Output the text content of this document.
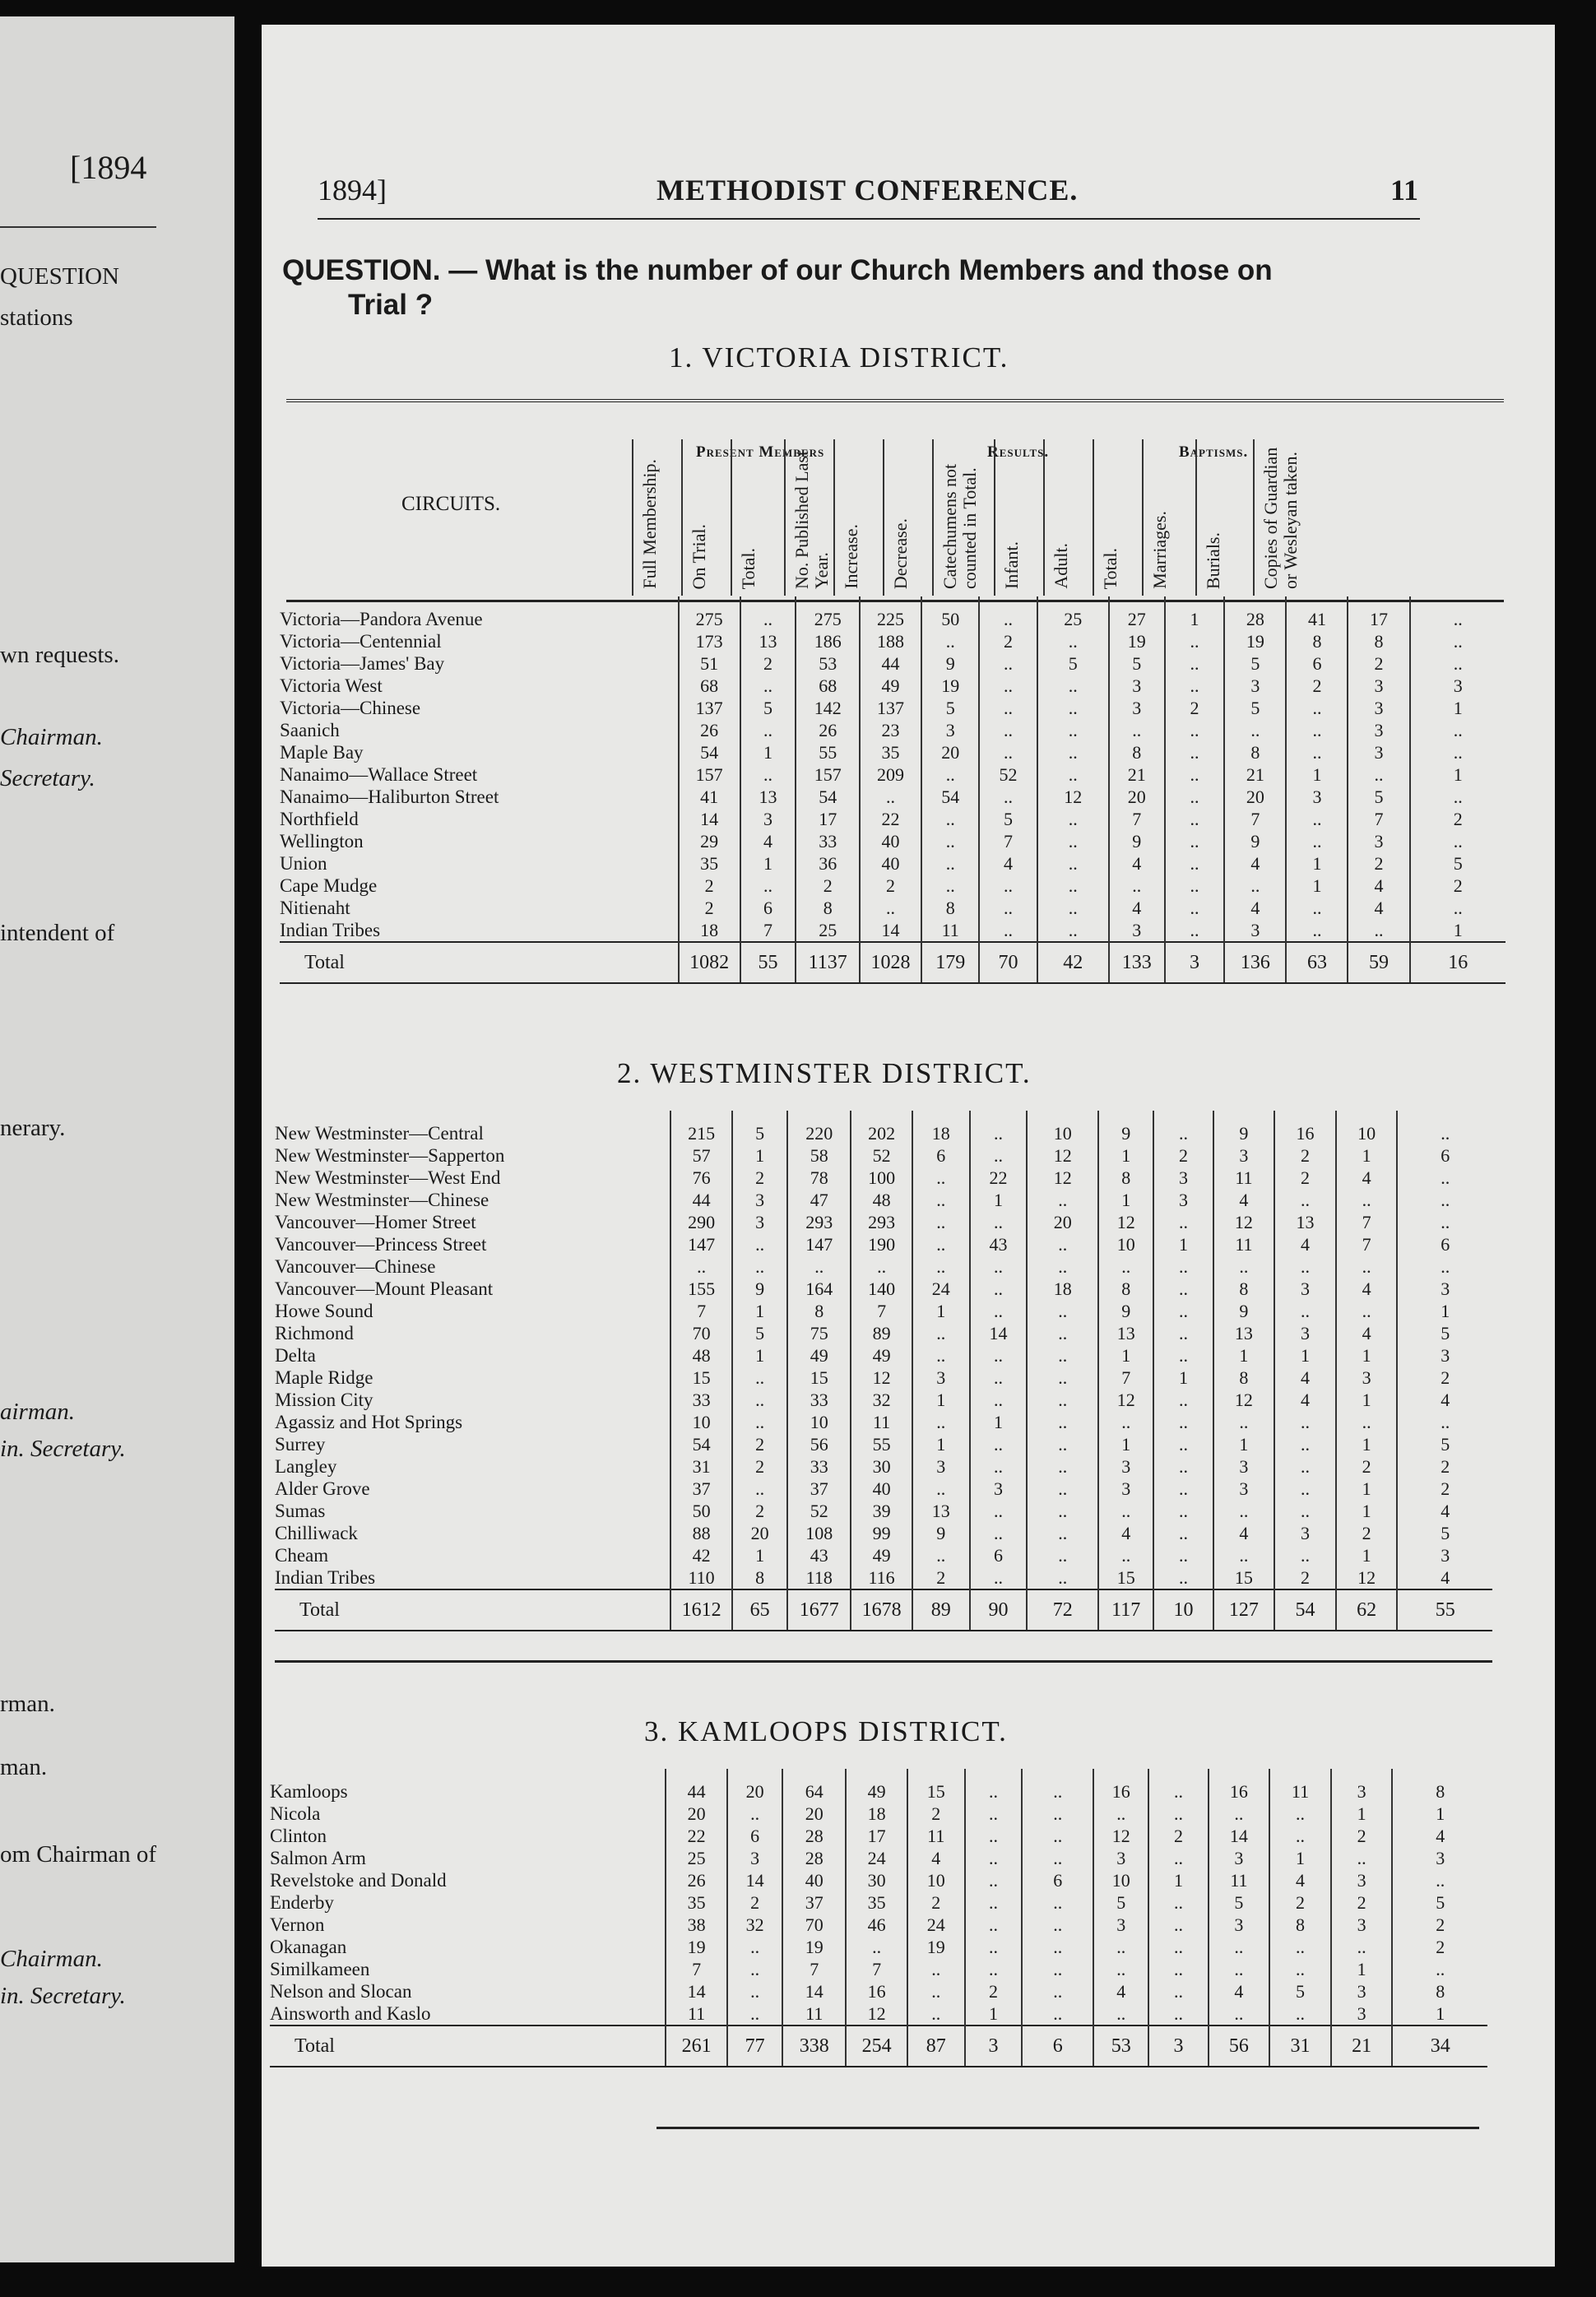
[1894
QUESTION
stations
wn requests.
Chairman.
Secretary.
intendent of
nerary.
airman.
in. Secretary.
rman.
man.
om Chairman of
Chairman.
in. Secretary.
1894]	METHODIST CONFERENCE.	11
QUESTION. — What is the number of our Church Members and those on
Trial ?
1. VICTORIA DISTRICT.
CIRCUITS.
Present Members	Results.	Baptisms.
Full Membership. On Trial. Total. No. Published Last Year. Increase. Decrease. Catechumens not counted in Total. Infant. Adult. Total. Marriages. Burials. Copies of Guardian or Wesleyan taken.
Victoria—Pandora Avenue	275	..	275	225	50	..	25	27	1	28	41	17	..
Victoria—Centennial	173	13	186	188	..	2	..	19	..	19	8	8	..
Victoria—James' Bay	51	2	53	44	9	..	5	5	..	5	6	2	..
Victoria West	68	..	68	49	19	..	..	3	..	3	2	3	3
Victoria—Chinese	137	5	142	137	5	..	..	3	2	5	..	3	1
Saanich	26	..	26	23	3	..	..	..	..	..	..	3	..
Maple Bay	54	1	55	35	20	..	..	8	..	8	..	3	..
Nanaimo—Wallace Street	157	..	157	209	..	52	..	21	..	21	1	..	1
Nanaimo—Haliburton Street	41	13	54	..	54	..	12	20	..	20	3	5	..
Northfield	14	3	17	22	..	5	..	7	..	7	..	7	2
Wellington	29	4	33	40	..	7	..	9	..	9	..	3	..
Union	35	1	36	40	..	4	..	4	..	4	1	2	5
Cape Mudge	2	..	2	2	..	..	..	..	..	..	1	4	2
Nitienaht	2	6	8	..	8	..	..	4	..	4	..	4	..
Indian Tribes	18	7	25	14	11	..	..	3	..	3	..	..	1
Total	1082	55	1137	1028	179	70	42	133	3	136	63	59	16
2. WESTMINSTER DISTRICT.
New Westminster—Central	215	5	220	202	18	..	10	9	..	9	16	10	..
New Westminster—Sapperton	57	1	58	52	6	..	12	1	2	3	2	1	6
New Westminster—West End	76	2	78	100	..	22	12	8	3	11	2	4	..
New Westminster—Chinese	44	3	47	48	..	1	..	1	3	4	..	..	..
Vancouver—Homer Street	290	3	293	293	..	..	20	12	..	12	13	7	..
Vancouver—Princess Street	147	..	147	190	..	43	..	10	1	11	4	7	6
Vancouver—Chinese	..	..	..	..	..	..	..	..	..	..	..	..	..
Vancouver—Mount Pleasant	155	9	164	140	24	..	18	8	..	8	3	4	3
Howe Sound	7	1	8	7	1	..	..	9	..	9	..	..	1
Richmond	70	5	75	89	..	14	..	13	..	13	3	4	5
Delta	48	1	49	49	..	..	..	1	..	1	1	1	3
Maple Ridge	15	..	15	12	3	..	..	7	1	8	4	3	2
Mission City	33	..	33	32	1	..	..	12	..	12	4	1	4
Agassiz and Hot Springs	10	..	10	11	..	1	..	..	..	..	..	..	..
Surrey	54	2	56	55	1	..	..	1	..	1	..	1	5
Langley	31	2	33	30	3	..	..	3	..	3	..	2	2
Alder Grove	37	..	37	40	..	3	..	3	..	3	..	1	2
Sumas	50	2	52	39	13	..	..	..	..	..	..	1	4
Chilliwack	88	20	108	99	9	..	..	4	..	4	3	2	5
Cheam	42	1	43	49	..	6	..	..	..	..	..	1	3
Indian Tribes	110	8	118	116	2	..	..	15	..	15	2	12	4
Total	1612	65	1677	1678	89	90	72	117	10	127	54	62	55
3. KAMLOOPS DISTRICT.
Kamloops	44	20	64	49	15	..	..	16	..	16	11	3	8
Nicola	20	..	20	18	2	..	..	..	..	..	..	1	1
Clinton	22	6	28	17	11	..	..	12	2	14	..	2	4
Salmon Arm	25	3	28	24	4	..	..	3	..	3	1	..	3
Revelstoke and Donald	26	14	40	30	10	..	6	10	1	11	4	3	..
Enderby	35	2	37	35	2	..	..	5	..	5	2	2	5
Vernon	38	32	70	46	24	..	..	3	..	3	8	3	2
Okanagan	19	..	19	..	19	..	..	..	..	..	..	..	2
Similkameen	7	..	7	7	..	..	..	..	..	..	..	1	..
Nelson and Slocan	14	..	14	16	..	2	..	4	..	4	5	3	8
Ainsworth and Kaslo	11	..	11	12	..	1	..	..	..	..	..	3	1
Total	261	77	338	254	87	3	6	53	3	56	31	21	34
